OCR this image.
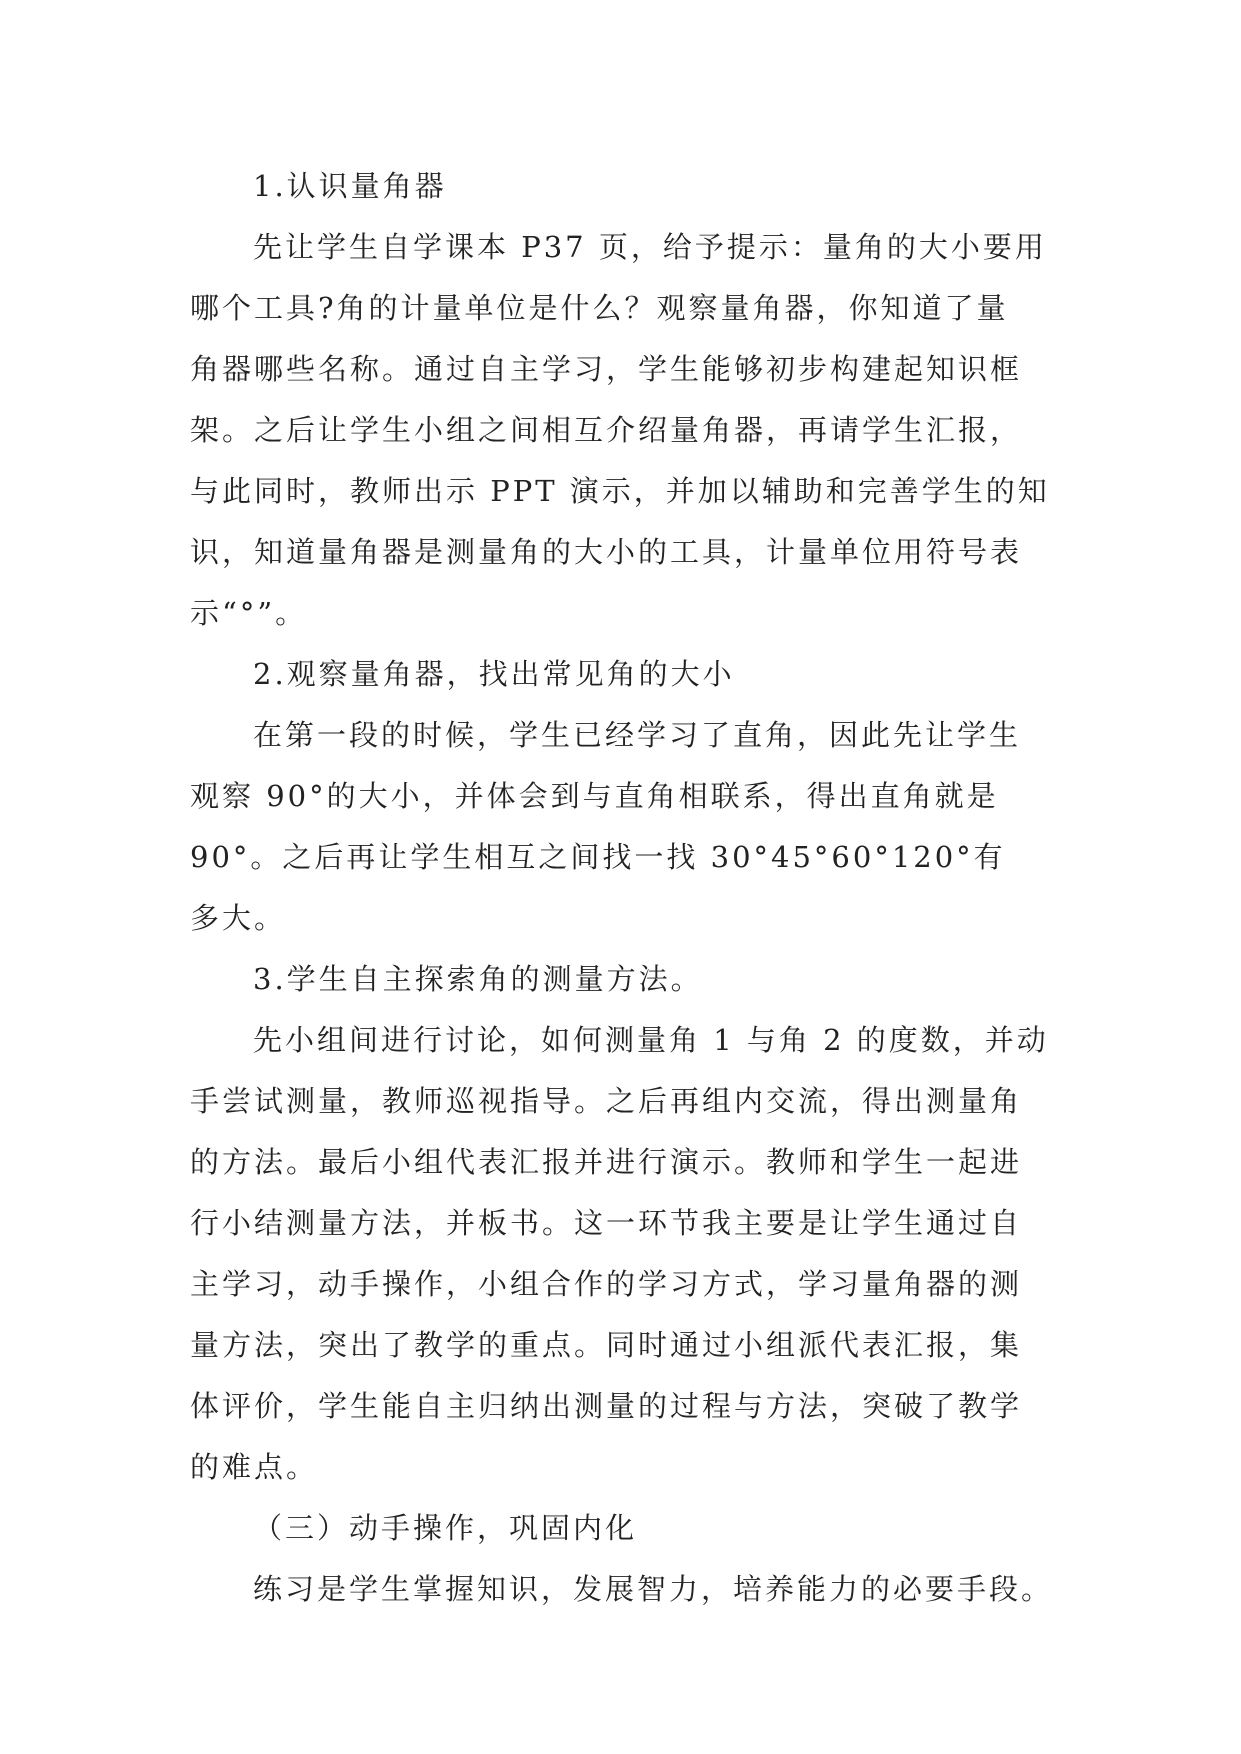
1.认识量角器
先让学生自学课本 P37 页，给予提示：量角的大小要用
哪个工具?角的计量单位是什么？观察量角器，你知道了量
角器哪些名称。通过自主学习，学生能够初步构建起知识框
架。之后让学生小组之间相互介绍量角器，再请学生汇报，
与此同时，教师出示 PPT 演示，并加以辅助和完善学生的知
识，知道量角器是测量角的大小的工具，计量单位用符号表
示“°”。
2.观察量角器，找出常见角的大小
在第一段的时候，学生已经学习了直角，因此先让学生
观察 90°的大小，并体会到与直角相联系，得出直角就是
90°。之后再让学生相互之间找一找 30°45°60°120°有
多大。
3.学生自主探索角的测量方法。
先小组间进行讨论，如何测量角 1 与角 2 的度数，并动
手尝试测量，教师巡视指导。之后再组内交流，得出测量角
的方法。最后小组代表汇报并进行演示。教师和学生一起进
行小结测量方法，并板书。这一环节我主要是让学生通过自
主学习，动手操作，小组合作的学习方式，学习量角器的测
量方法，突出了教学的重点。同时通过小组派代表汇报，集
体评价，学生能自主归纳出测量的过程与方法，突破了教学
的难点。
（三）动手操作，巩固内化
练习是学生掌握知识，发展智力，培养能力的必要手段。
